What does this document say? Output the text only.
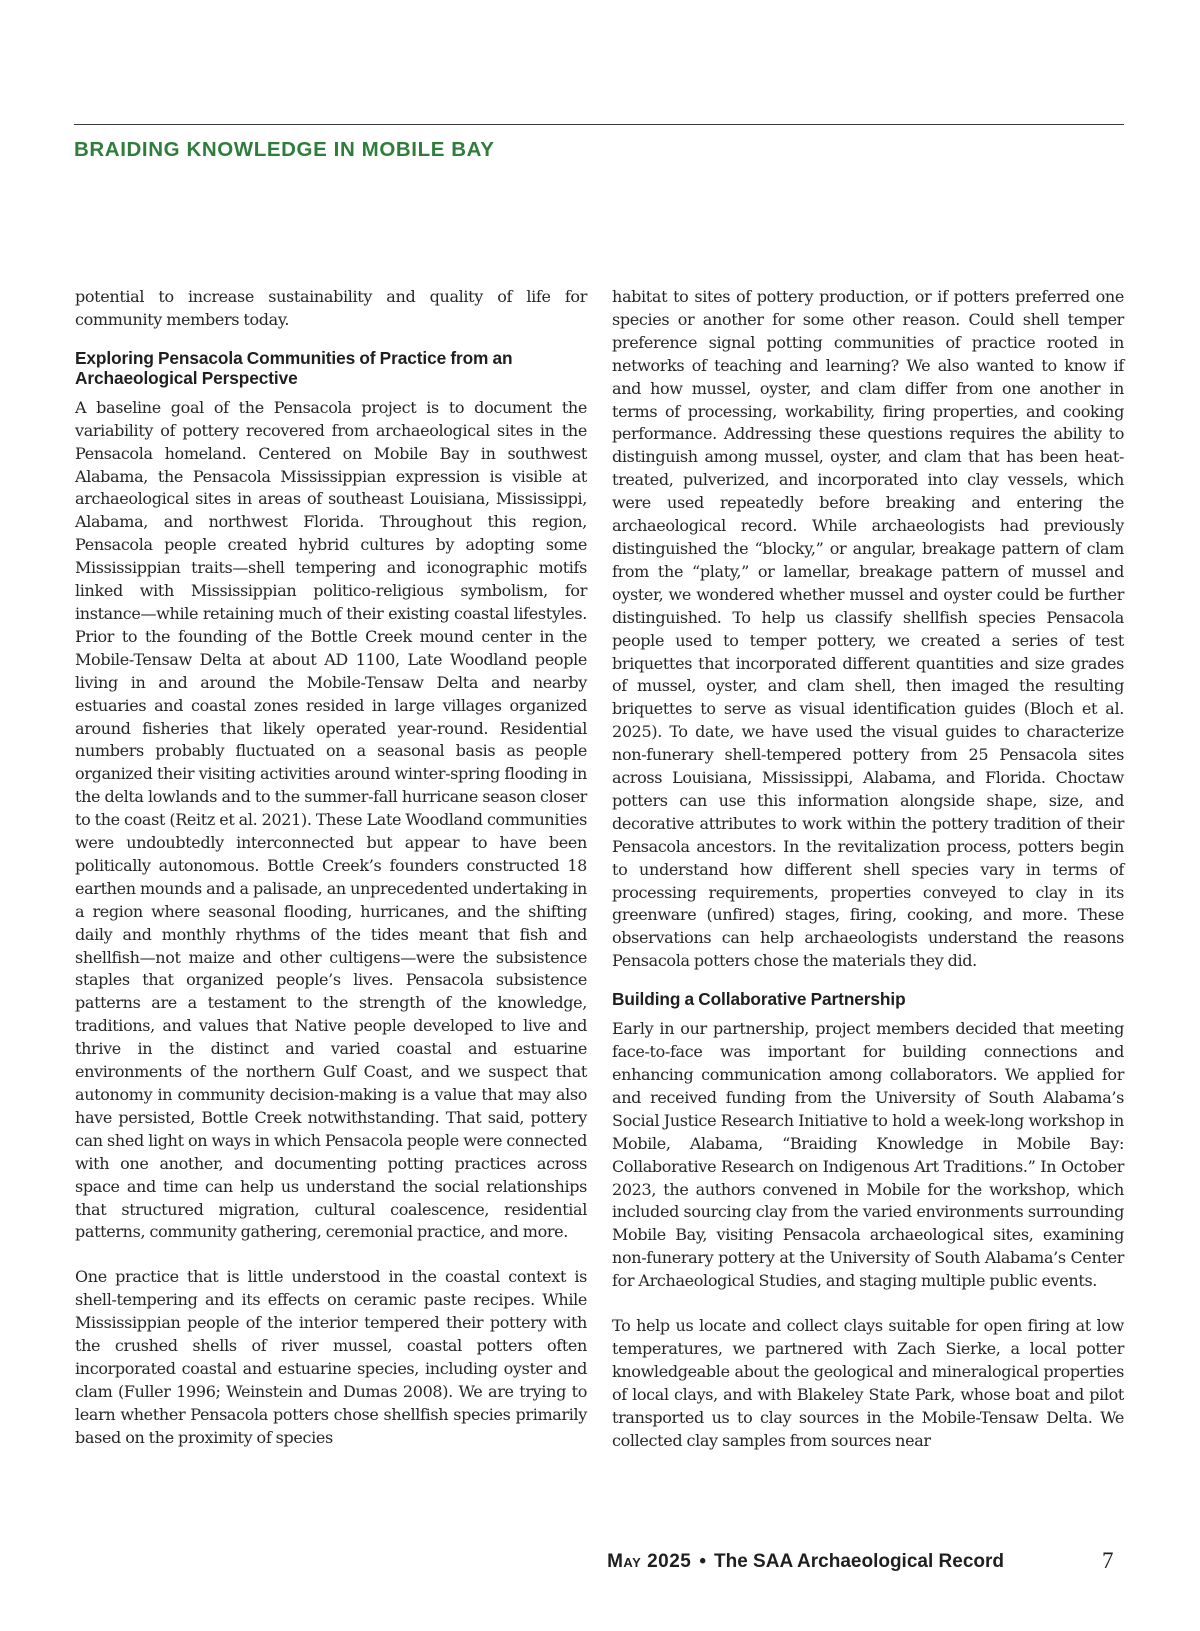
BRAIDING KNOWLEDGE IN MOBILE BAY

potential to increase sustainability and quality of life for community members today.

Exploring Pensacola Communities of Practice from an Archaeological Perspective

A baseline goal of the Pensacola project is to document the variability of pottery recovered from archaeological sites in the Pensacola homeland. Centered on Mobile Bay in southwest Alabama, the Pensacola Mississippian expression is visible at archaeological sites in areas of southeast Louisiana, Mississippi, Alabama, and northwest Florida. Throughout this region, Pensacola people created hybrid cultures by adopting some Mississippian traits—shell tempering and iconographic motifs linked with Mississippian politico-religious symbolism, for instance—while retaining much of their existing coastal lifestyles. Prior to the founding of the Bottle Creek mound center in the Mobile-Tensaw Delta at about AD 1100, Late Woodland people living in and around the Mobile-Tensaw Delta and nearby estuaries and coastal zones resided in large villages organized around fisheries that likely operated year-round. Residential numbers probably fluctuated on a seasonal basis as people organized their visiting activities around winter-spring flooding in the delta lowlands and to the summer-fall hurricane season closer to the coast (Reitz et al. 2021). These Late Woodland communities were undoubtedly interconnected but appear to have been politically autonomous. Bottle Creek’s founders constructed 18 earthen mounds and a palisade, an unprecedented undertaking in a region where seasonal flooding, hurricanes, and the shifting daily and monthly rhythms of the tides meant that fish and shellfish—not maize and other cultigens—were the subsistence staples that organized people’s lives. Pensacola subsistence patterns are a testament to the strength of the knowledge, traditions, and values that Native people developed to live and thrive in the distinct and varied coastal and estuarine environments of the northern Gulf Coast, and we suspect that autonomy in community decision-making is a value that may also have persisted, Bottle Creek notwithstanding. That said, pottery can shed light on ways in which Pensacola people were connected with one another, and documenting potting practices across space and time can help us understand the social relationships that structured migration, cultural coalescence, residential patterns, community gathering, ceremonial practice, and more.

One practice that is little understood in the coastal context is shell-tempering and its effects on ceramic paste recipes. While Mississippian people of the interior tempered their pottery with the crushed shells of river mussel, coastal potters often incorporated coastal and estuarine species, including oyster and clam (Fuller 1996; Weinstein and Dumas 2008). We are trying to learn whether Pensacola potters chose shellfish species primarily based on the proximity of species

habitat to sites of pottery production, or if potters preferred one species or another for some other reason. Could shell temper preference signal potting communities of practice rooted in networks of teaching and learning? We also wanted to know if and how mussel, oyster, and clam differ from one another in terms of processing, workability, firing properties, and cooking performance. Addressing these questions requires the ability to distinguish among mussel, oyster, and clam that has been heat-treated, pulverized, and incorporated into clay vessels, which were used repeatedly before breaking and entering the archaeological record. While archaeologists had previously distinguished the “blocky,” or angular, breakage pattern of clam from the “platy,” or lamellar, breakage pattern of mussel and oyster, we wondered whether mussel and oyster could be further distinguished. To help us classify shellfish species Pensacola people used to temper pottery, we created a series of test briquettes that incorporated different quantities and size grades of mussel, oyster, and clam shell, then imaged the resulting briquettes to serve as visual identification guides (Bloch et al. 2025). To date, we have used the visual guides to characterize non-funerary shell-tempered pottery from 25 Pensacola sites across Louisiana, Mississippi, Alabama, and Florida. Choctaw potters can use this information alongside shape, size, and decorative attributes to work within the pottery tradition of their Pensacola ancestors. In the revitalization process, potters begin to understand how different shell species vary in terms of processing requirements, properties conveyed to clay in its greenware (unfired) stages, firing, cooking, and more. These observations can help archaeologists understand the reasons Pensacola potters chose the materials they did.

Building a Collaborative Partnership

Early in our partnership, project members decided that meeting face-to-face was important for building connections and enhancing communication among collaborators. We applied for and received funding from the University of South Alabama’s Social Justice Research Initiative to hold a week-long workshop in Mobile, Alabama, “Braiding Knowledge in Mobile Bay: Collaborative Research on Indigenous Art Traditions.” In October 2023, the authors convened in Mobile for the workshop, which included sourcing clay from the varied environments surrounding Mobile Bay, visiting Pensacola archaeological sites, examining non-funerary pottery at the University of South Alabama’s Center for Archaeological Studies, and staging multiple public events.

To help us locate and collect clays suitable for open firing at low temperatures, we partnered with Zach Sierke, a local potter knowledgeable about the geological and mineralogical properties of local clays, and with Blakeley State Park, whose boat and pilot transported us to clay sources in the Mobile-Tensaw Delta. We collected clay samples from sources near

May 2025 • The SAA Archaeological Record	7
